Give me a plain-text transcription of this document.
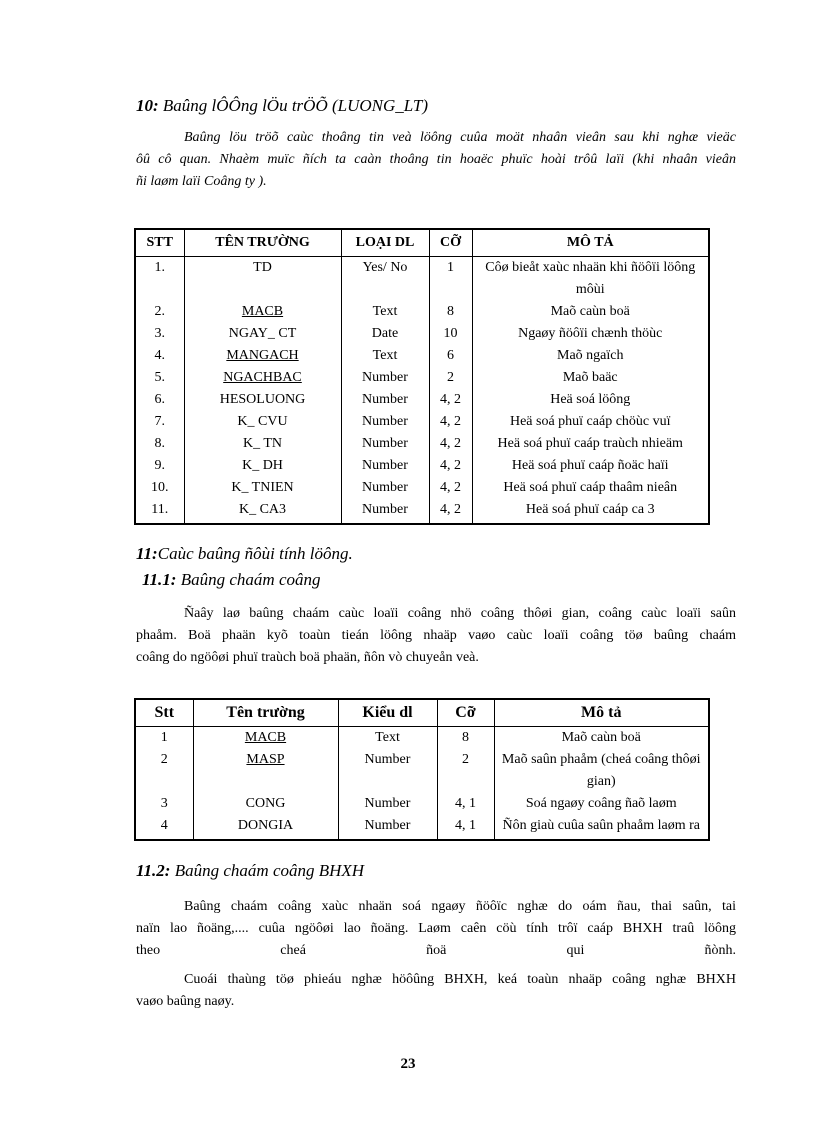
10: Baûng lÔÔng lÖu trÖÕ (LUONG_LT)
Baûng löu tröõ caùc thoâng tin veà löông cuûa moät nhaân vieân sau khi nghæ vieäc
ôû cô quan. Nhaèm muïc ñích ta caàn thoâng tin hoaëc phuïc hoài trôû laïi (khi nhaân vieân
ñi laøm laïi Coâng ty ).
STT	TÊN TRƯỜNG	LOẠI DL	CỠ	MÔ TẢ
1.	TD	Yes/ No	1	Côø bieåt xaùc nhaän khi ñöôïi löông môùi
2.	MACB	Text	8	Maõ caùn boä
3.	NGAY_ CT	Date	10	Ngaøy ñöôïi chænh thöùc
4.	MANGACH	Text	6	Maõ ngaïch
5.	NGACHBAC	Number	2	Maõ baäc
6.	HESOLUONG	Number	4, 2	Heä soá löông
7.	K_ CVU	Number	4, 2	Heä soá phuï caáp chöùc vuï
8.	K_ TN	Number	4, 2	Heä soá phuï caáp traùch nhieäm
9.	K_ DH	Number	4, 2	Heä soá phuï caáp ñoäc haïi
10.	K_ TNIEN	Number	4, 2	Heä soá phuï caáp thaâm nieân
11.	K_ CA3	Number	4, 2	Heä soá phuï caáp ca 3
11:Caùc baûng ñôùi tính löông.
11.1: Baûng chaám coâng
Ñaây laø baûng chaám caùc loaïi coâng nhö coâng thôøi gian, coâng caùc loaïi saûn
phaåm. Boä phaän kyõ toaùn tieán löông nhaäp vaøo caùc loaïi coâng töø baûng chaám
coâng do ngöôøi phuï traùch boä phaän, ñôn vò chuyeån veà.
Stt	Tên trường	Kiểu dl	Cỡ	Mô tả
1	MACB	Text	8	Maõ caùn boä
2	MASP	Number	2	Maõ saûn phaåm (cheá coâng thôøi gian)
3	CONG	Number	4, 1	Soá ngaøy coâng ñaõ laøm
4	DONGIA	Number	4, 1	Ñôn giaù cuûa saûn phaåm laøm ra
11.2: Baûng chaám coâng BHXH
Baûng chaám coâng xaùc nhaän soá ngaøy ñöôïc nghæ do oám ñau, thai saûn, tai
naïn lao ñoäng,.... cuûa ngöôøi lao ñoäng. Laøm caên cöù tính trôï caáp BHXH traû löông
theo	cheá	ñoä	qui	ñònh.
Cuoái thaùng töø phieáu nghæ höôûng BHXH, keá toaùn nhaäp coâng nghæ BHXH
vaøo baûng naøy.
23
